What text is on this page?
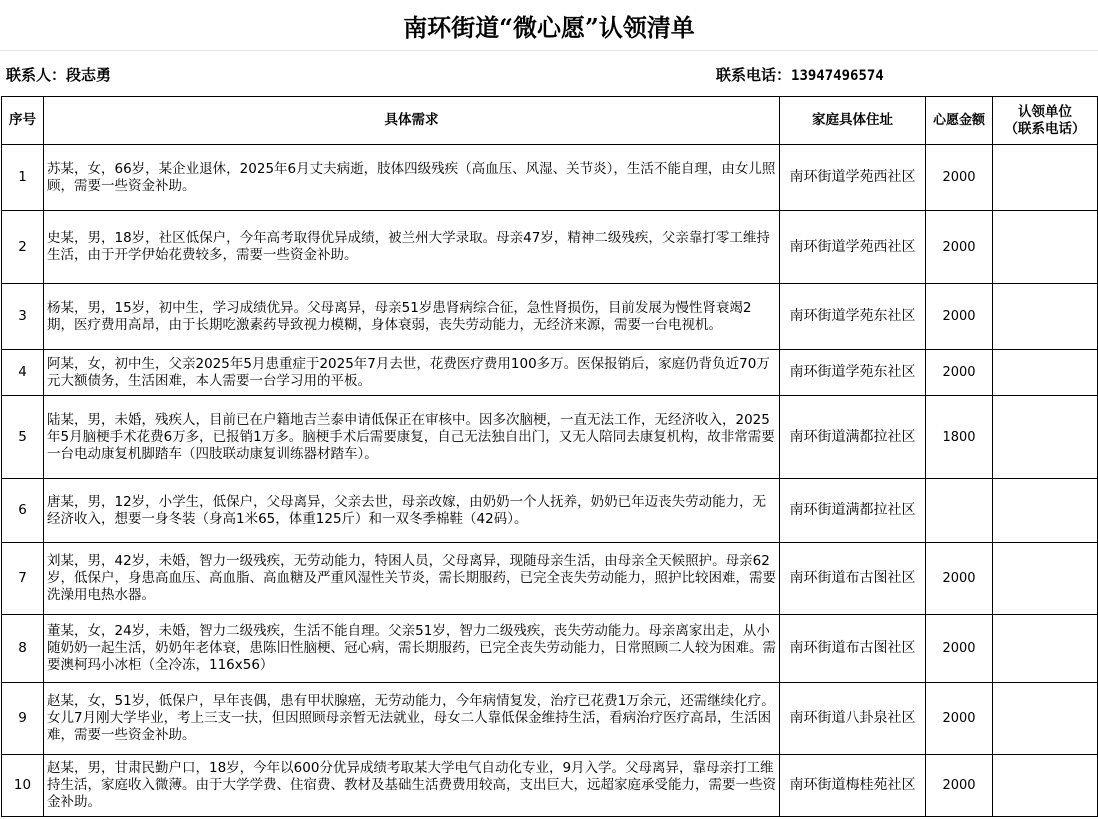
南环街道“微心愿”认领清单
联系人：段志勇	联系电话：13947496574
序号	具体需求	家庭具体住址	心愿金额	认领单位
（联系电话）

1	苏某，女，66岁，某企业退休，2025年6月丈夫病逝，肢体四级残疾（高血压、风湿、关节炎），生活不能自理，由女儿照顾，需要一些资金补助。	南环街道学苑西社区	2000	
2	史某，男，18岁，社区低保户，今年高考取得优异成绩，被兰州大学录取。母亲47岁，精神二级残疾，父亲靠打零工维持生活，由于开学伊始花费较多，需要一些资金补助。	南环街道学苑西社区	2000	
3	杨某，男，15岁，初中生，学习成绩优异。父母离异，母亲51岁患肾病综合征，急性肾损伤，目前发展为慢性肾衰竭2期，医疗费用高昂，由于长期吃激素药导致视力模糊，身体衰弱，丧失劳动能力，无经济来源，需要一台电视机。	南环街道学苑东社区	2000	
4	阿某，女，初中生，父亲2025年5月患重症于2025年7月去世，花费医疗费用100多万。医保报销后，家庭仍背负近70万元大额债务，生活困难，本人需要一台学习用的平板。	南环街道学苑东社区	2000	
5	陆某，男，未婚，残疾人，目前已在户籍地吉兰泰申请低保正在审核中。因多次脑梗，一直无法工作，无经济收入，2025年5月脑梗手术花费6万多，已报销1万多。脑梗手术后需要康复，自己无法独自出门，又无人陪同去康复机构，故非常需要一台电动康复机脚踏车（四肢联动康复训练器材踏车）。	南环街道满都拉社区	1800	
6	唐某，男，12岁，小学生，低保户，父母离异，父亲去世，母亲改嫁，由奶奶一个人抚养，奶奶已年迈丧失劳动能力，无经济收入，想要一身冬装（身高1米65，体重125斤）和一双冬季棉鞋（42码）。	南环街道满都拉社区		
7	刘某，男，42岁，未婚，智力一级残疾，无劳动能力，特困人员，父母离异，现随母亲生活，由母亲全天候照护。母亲62岁，低保户，身患高血压、高血脂、高血糖及严重风湿性关节炎，需长期服药，已完全丧失劳动能力，照护比较困难，需要洗澡用电热水器。	南环街道布古图社区	2000	
8	董某，女，24岁，未婚，智力二级残疾，生活不能自理。父亲51岁，智力二级残疾，丧失劳动能力。母亲离家出走，从小随奶奶一起生活，奶奶年老体衰，患陈旧性脑梗、冠心病，需长期服药，已完全丧失劳动能力，日常照顾二人较为困难。需要澳柯玛小冰柜（全冷冻，116x56）	南环街道布古图社区	2000	
9	赵某，女，51岁，低保户，早年丧偶，患有甲状腺癌，无劳动能力，今年病情复发，治疗已花费1万余元，还需继续化疗。女儿7月刚大学毕业，考上三支一扶，但因照顾母亲暂无法就业，母女二人靠低保金维持生活，看病治疗医疗高昂，生活困难，需要一些资金补助。	南环街道八卦泉社区	2000	
10	赵某，男，甘肃民勤户口，18岁，今年以600分优异成绩考取某大学电气自动化专业，9月入学。父母离异，靠母亲打工维持生活，家庭收入微薄。由于大学学费、住宿费、教材及基础生活费费用较高，支出巨大，远超家庭承受能力，需要一些资金补助。	南环街道梅桂苑社区	2000	
